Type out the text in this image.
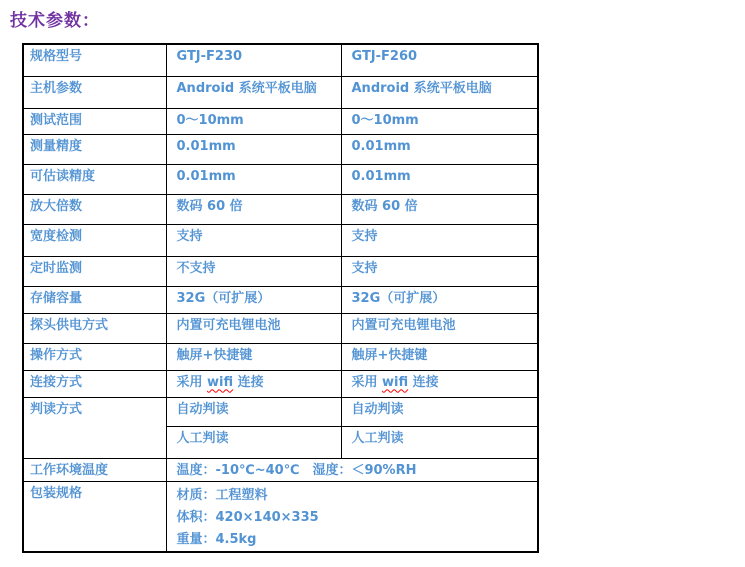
技术参数：
规格型号	GTJ-F230	GTJ-F260
主机参数	Android 系统平板电脑	Android 系统平板电脑
测试范围	0～10mm	0～10mm
测量精度	0.01mm	0.01mm
可估读精度	0.01mm	0.01mm
放大倍数	数码 60 倍	数码 60 倍
宽度检测	支持	支持
定时监测	不支持	支持
存储容量	32G（可扩展）	32G（可扩展）
探头供电方式	内置可充电锂电池	内置可充电锂电池
操作方式	触屏+快捷键	触屏+快捷键
连接方式	采用 wifi 连接	采用 wifi 连接
判读方式	自动判读	自动判读
	人工判读	人工判读
工作环境温度	温度：-10℃~40℃　湿度：＜90%RH	
包装规格	材质：工程塑料
体积：420×140×335
重量：4.5kg	
